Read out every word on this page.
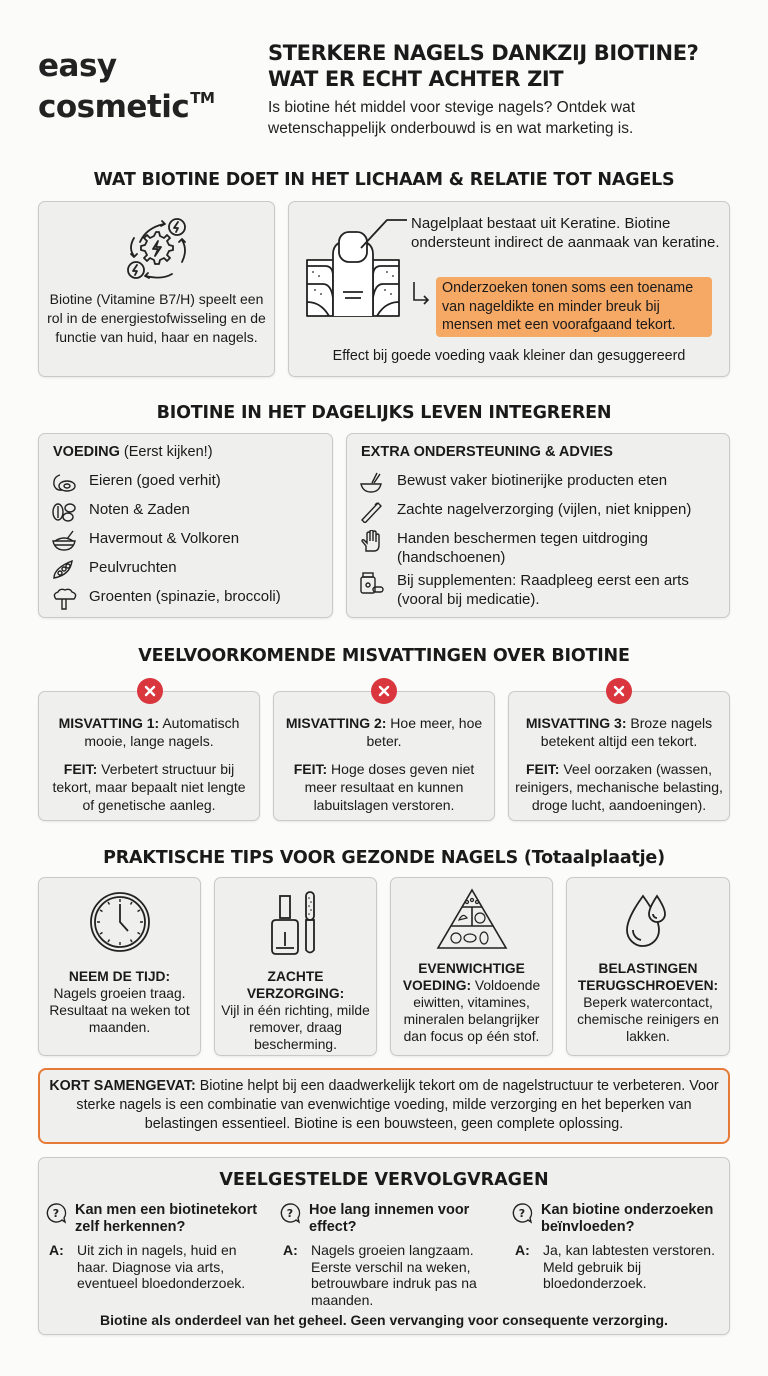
easy
cosmetic™
STERKERE NAGELS DANKZIJ BIOTINE?
WAT ER ECHT ACHTER ZIT
Is biotine hét middel voor stevige nagels? Ontdek wat
wetenschappelijk onderbouwd is en wat marketing is.
WAT BIOTINE DOET IN HET LICHAAM & RELATIE TOT NAGELS
Biotine (Vitamine B7/H) speelt een rol in de energiestofwisseling en de functie van huid, haar en nagels.
Nagelplaat bestaat uit Keratine. Biotine ondersteunt indirect de aanmaak van keratine.
Onderzoeken tonen soms een toename van nageldikte en minder breuk bij mensen met een voorafgaand tekort.
Effect bij goede voeding vaak kleiner dan gesuggereerd
BIOTINE IN HET DAGELIJKS LEVEN INTEGREREN
VOEDING (Eerst kijken!)
Eieren (goed verhit)
Noten & Zaden
Havermout & Volkoren
Peulvruchten
Groenten (spinazie, broccoli)
EXTRA ONDERSTEUNING & ADVIES
Bewust vaker biotinerijke producten eten
Zachte nagelverzorging (vijlen, niet knippen)
Handen beschermen tegen uitdroging (handschoenen)
Bij supplementen: Raadpleeg eerst een arts (vooral bij medicatie).
VEELVOORKOMENDE MISVATTINGEN OVER BIOTINE
MISVATTING 1: Automatisch mooie, lange nagels.
FEIT: Verbetert structuur bij tekort, maar bepaalt niet lengte of genetische aanleg.
MISVATTING 2: Hoe meer, hoe beter.
FEIT: Hoge doses geven niet meer resultaat en kunnen labuitslagen verstoren.
MISVATTING 3: Broze nagels betekent altijd een tekort.
FEIT: Veel oorzaken (wassen, reinigers, mechanische belasting, droge lucht, aandoeningen).
PRAKTISCHE TIPS VOOR GEZONDE NAGELS (Totaalplaatje)
NEEM DE TIJD:
Nagels groeien traag. Resultaat na weken tot maanden.
ZACHTE VERZORGING:
Vijl in één richting, milde remover, draag bescherming.
EVENWICHTIGE VOEDING: Voldoende eiwitten, vitamines, mineralen belangrijker dan focus op één stof.
BELASTINGEN TERUGSCHROEVEN:
Beperk watercontact, chemische reinigers en lakken.
KORT SAMENGEVAT: Biotine helpt bij een daadwerkelijk tekort om de nagelstructuur te verbeteren. Voor sterke nagels is een combinatie van evenwichtige voeding, milde verzorging en het beperken van belastingen essentieel. Biotine is een bouwsteen, geen complete oplossing.
VEELGESTELDE VERVOLGVRAGEN
? Kan men een biotinetekort zelf herkennen?
A: Uit zich in nagels, huid en haar. Diagnose via arts, eventueel bloedonderzoek.
? Hoe lang innemen voor effect?
A: Nagels groeien langzaam. Eerste verschil na weken, betrouwbare indruk pas na maanden.
? Kan biotine onderzoeken beïnvloeden?
A: Ja, kan labtesten verstoren. Meld gebruik bij bloedonderzoek.
Biotine als onderdeel van het geheel. Geen vervanging voor consequente verzorging.
